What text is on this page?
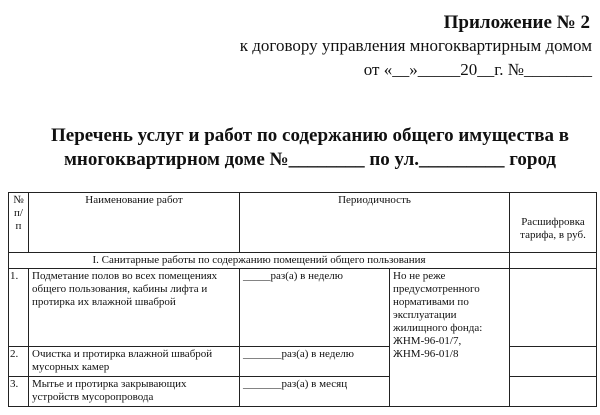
Приложение № 2
к договору управления многоквартирным домом
от «__»_____20__г. №________
Перечень услуг и работ по содержанию общего имущества в
многоквартирном доме №________ по ул._________ город
№ п/п	Наименование работ	Периодичность		Расшифровка тарифа, в руб.
I. Санитарные работы по содержанию помещений общего пользования				
1.	Подметание полов во всех помещениях общего пользования, кабины лифта и протирка их влажной шваброй	_____раз(а) в неделю	Но не реже предусмотренного нормативами по эксплуатации жилищного фонда: ЖНМ-96-01/7, ЖНМ-96-01/8	
2.	Очистка и протирка влажной шваброй мусорных камер	_______раз(а) в неделю		
3.	Мытье и протирка закрывающих устройств мусоропровода	_______раз(а) в месяц		
